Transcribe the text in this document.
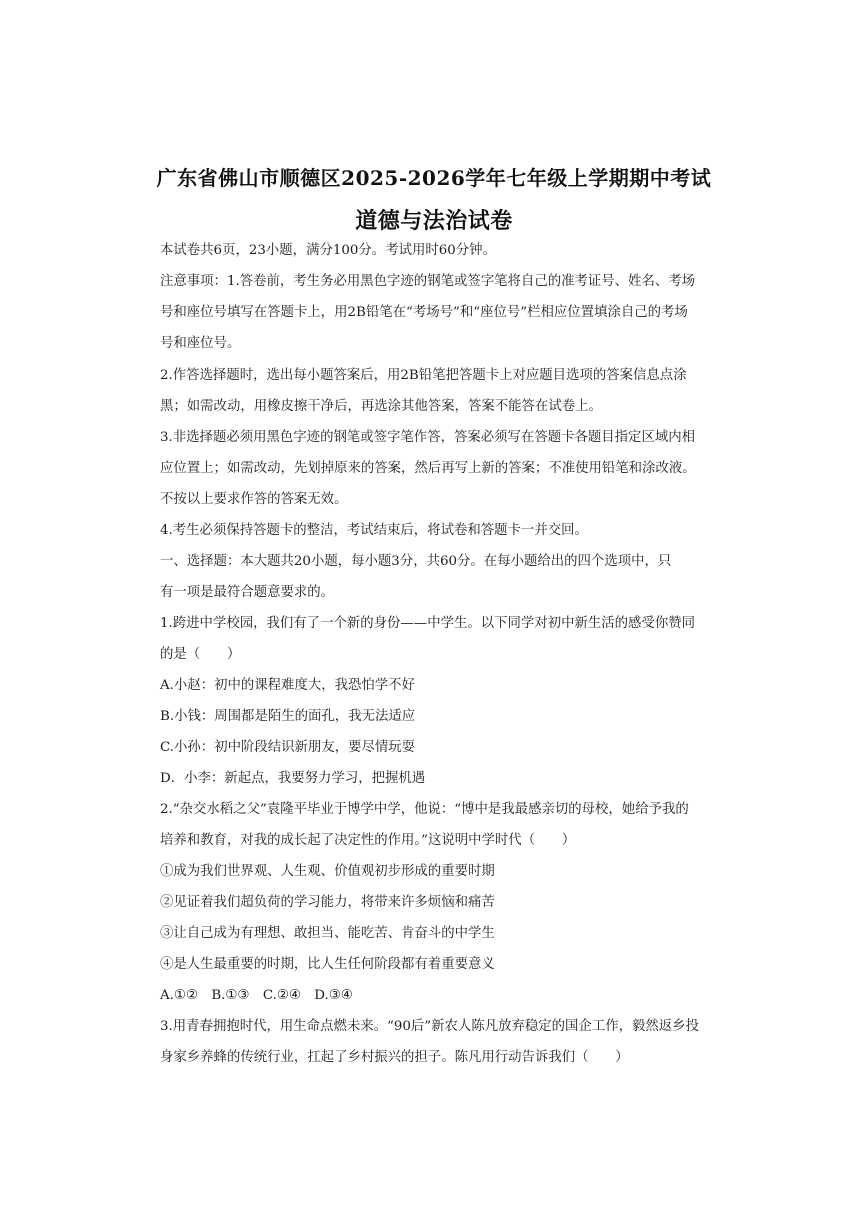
广东省佛山市顺德区2025-2026学年七年级上学期期中考试
道德与法治试卷
本试卷共6页，23小题，满分100分。考试用时60分钟。
注意事项：1.答卷前，考生务必用黑色字迹的钢笔或签字笔将自己的准考证号、姓名、考场
号和座位号填写在答题卡上，用2B铅笔在“考场号”和“座位号”栏相应位置填涂自己的考场
号和座位号。
2.作答选择题时，选出每小题答案后，用2B铅笔把答题卡上对应题目选项的答案信息点涂
黑；如需改动，用橡皮擦干净后，再选涂其他答案，答案不能答在试卷上。
3.非选择题必须用黑色字迹的钢笔或签字笔作答，答案必须写在答题卡各题目指定区域内相
应位置上；如需改动，先划掉原来的答案，然后再写上新的答案；不准使用铅笔和涂改液。
不按以上要求作答的答案无效。
4.考生必须保持答题卡的整洁，考试结束后，将试卷和答题卡一并交回。
一、选择题：本大题共20小题，每小题3分，共60分。在每小题给出的四个选项中，只
有一项是最符合题意要求的。
1.跨进中学校园，我们有了一个新的身份——中学生。以下同学对初中新生活的感受你赞同
的是（　　）
A.小赵：初中的课程难度大，我恐怕学不好
B.小钱：周围都是陌生的面孔，我无法适应
C.小孙：初中阶段结识新朋友，要尽情玩耍
D．小李：新起点，我要努力学习，把握机遇
2.“杂交水稻之父”袁隆平毕业于博学中学，他说：“博中是我最感亲切的母校，她给予我的
培养和教育，对我的成长起了决定性的作用。”这说明中学时代（　　）
①成为我们世界观、人生观、价值观初步形成的重要时期
②见证着我们超负荷的学习能力，将带来许多烦恼和痛苦
③让自己成为有理想、敢担当、能吃苦、肯奋斗的中学生
④是人生最重要的时期，比人生任何阶段都有着重要意义
A.①②　B.①③　C.②④　D.③④
3.用青春拥抱时代，用生命点燃未来。“90后”新农人陈凡放弃稳定的国企工作，毅然返乡投
身家乡养蜂的传统行业，扛起了乡村振兴的担子。陈凡用行动告诉我们（　　）
